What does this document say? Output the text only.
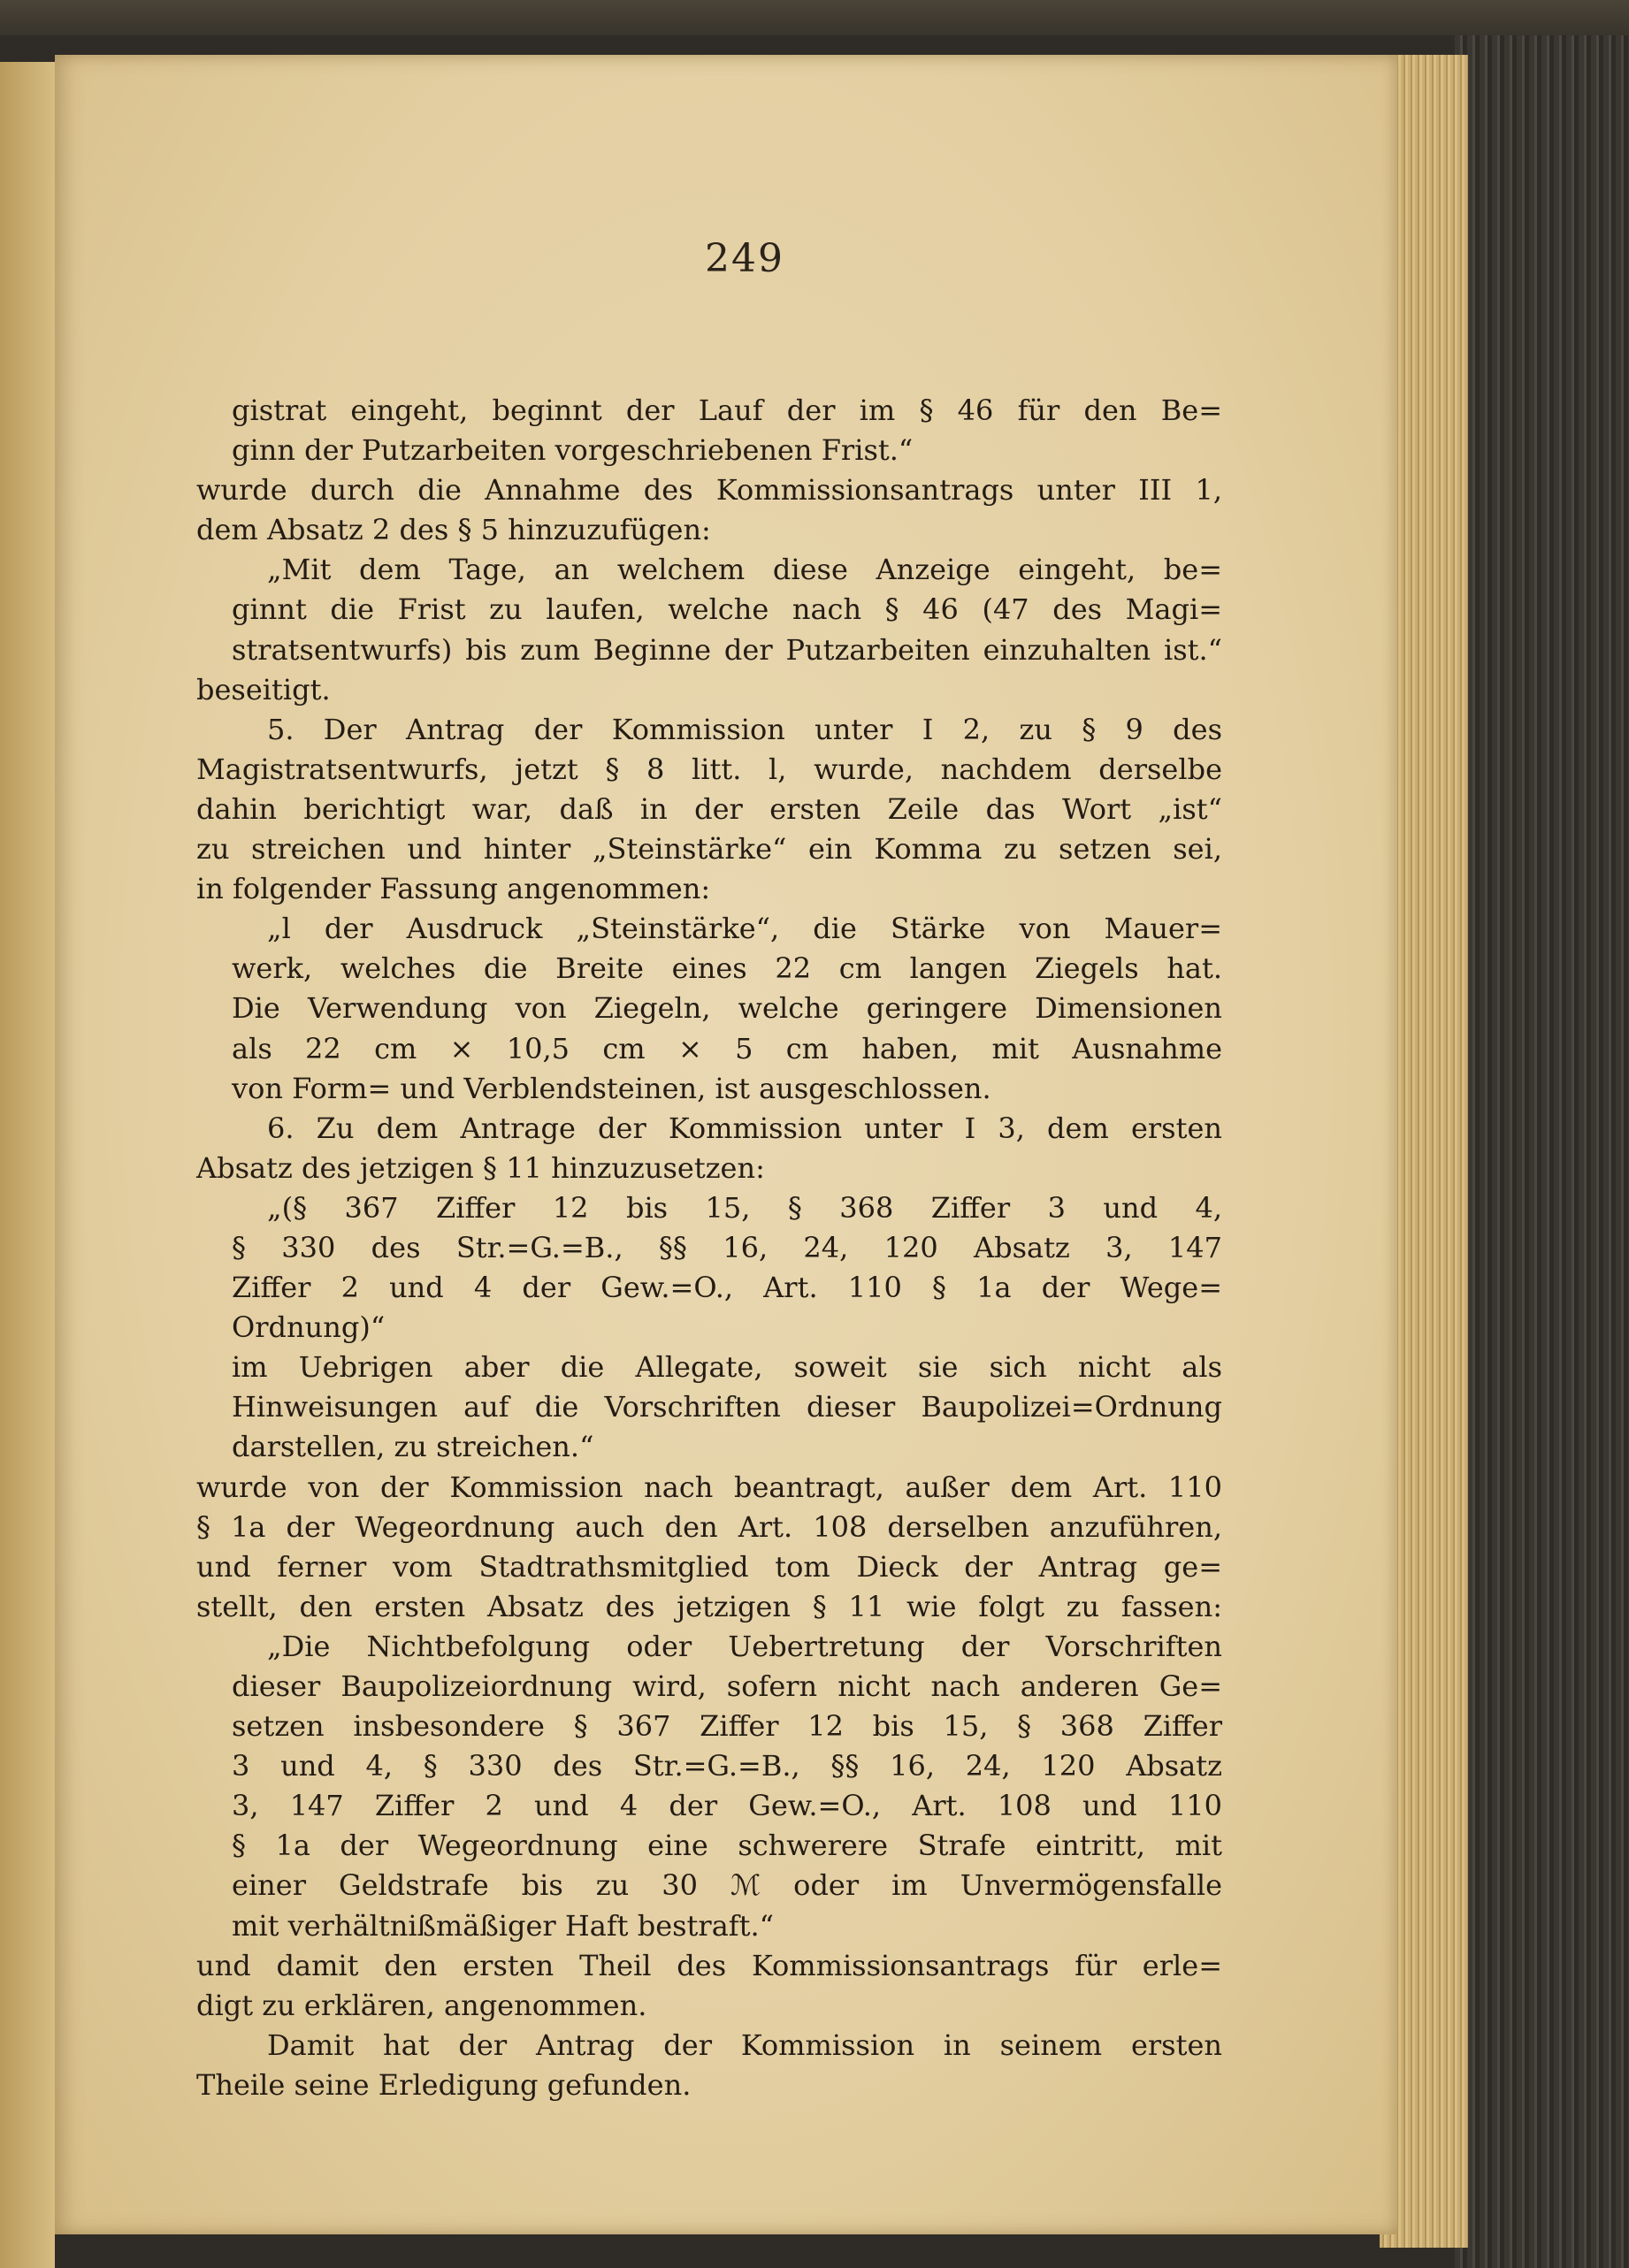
249
gistrat eingeht, beginnt der Lauf der im § 46 für den Be=
ginn der Putzarbeiten vorgeschriebenen Frist.“
wurde durch die Annahme des Kommissionsantrags unter III 1,
dem Absatz 2 des § 5 hinzuzufügen:
„Mit dem Tage, an welchem diese Anzeige eingeht, be=
ginnt die Frist zu laufen, welche nach § 46 (47 des Magi=
stratsentwurfs) bis zum Beginne der Putzarbeiten einzuhalten ist.“
beseitigt.
5. Der Antrag der Kommission unter I 2, zu § 9 des
Magistratsentwurfs, jetzt § 8 litt. l, wurde, nachdem derselbe
dahin berichtigt war, daß in der ersten Zeile das Wort „ist“
zu streichen und hinter „Steinstärke“ ein Komma zu setzen sei,
in folgender Fassung angenommen:
„l der Ausdruck „Steinstärke“, die Stärke von Mauer=
werk, welches die Breite eines 22 cm langen Ziegels hat.
Die Verwendung von Ziegeln, welche geringere Dimensionen
als 22 cm × 10,5 cm × 5 cm haben, mit Ausnahme
von Form= und Verblendsteinen, ist ausgeschlossen.
6. Zu dem Antrage der Kommission unter I 3, dem ersten
Absatz des jetzigen § 11 hinzuzusetzen:
„(§ 367 Ziffer 12 bis 15, § 368 Ziffer 3 und 4,
§ 330 des Str.=G.=B., §§ 16, 24, 120 Absatz 3, 147
Ziffer 2 und 4 der Gew.=O., Art. 110 § 1a der Wege=
Ordnung)“
im Uebrigen aber die Allegate, soweit sie sich nicht als
Hinweisungen auf die Vorschriften dieser Baupolizei=Ordnung
darstellen, zu streichen.“
wurde von der Kommission nach beantragt, außer dem Art. 110
§ 1a der Wegeordnung auch den Art. 108 derselben anzuführen,
und ferner vom Stadtrathsmitglied tom Dieck der Antrag ge=
stellt, den ersten Absatz des jetzigen § 11 wie folgt zu fassen:
„Die Nichtbefolgung oder Uebertretung der Vorschriften
dieser Baupolizeiordnung wird, sofern nicht nach anderen Ge=
setzen insbesondere § 367 Ziffer 12 bis 15, § 368 Ziffer
3 und 4, § 330 des Str.=G.=B., §§ 16, 24, 120 Absatz
3, 147 Ziffer 2 und 4 der Gew.=O., Art. 108 und 110
§ 1a der Wegeordnung eine schwerere Strafe eintritt, mit
einer Geldstrafe bis zu 30 ℳ oder im Unvermögensfalle
mit verhältnißmäßiger Haft bestraft.“
und damit den ersten Theil des Kommissionsantrags für erle=
digt zu erklären, angenommen.
Damit hat der Antrag der Kommission in seinem ersten
Theile seine Erledigung gefunden.
